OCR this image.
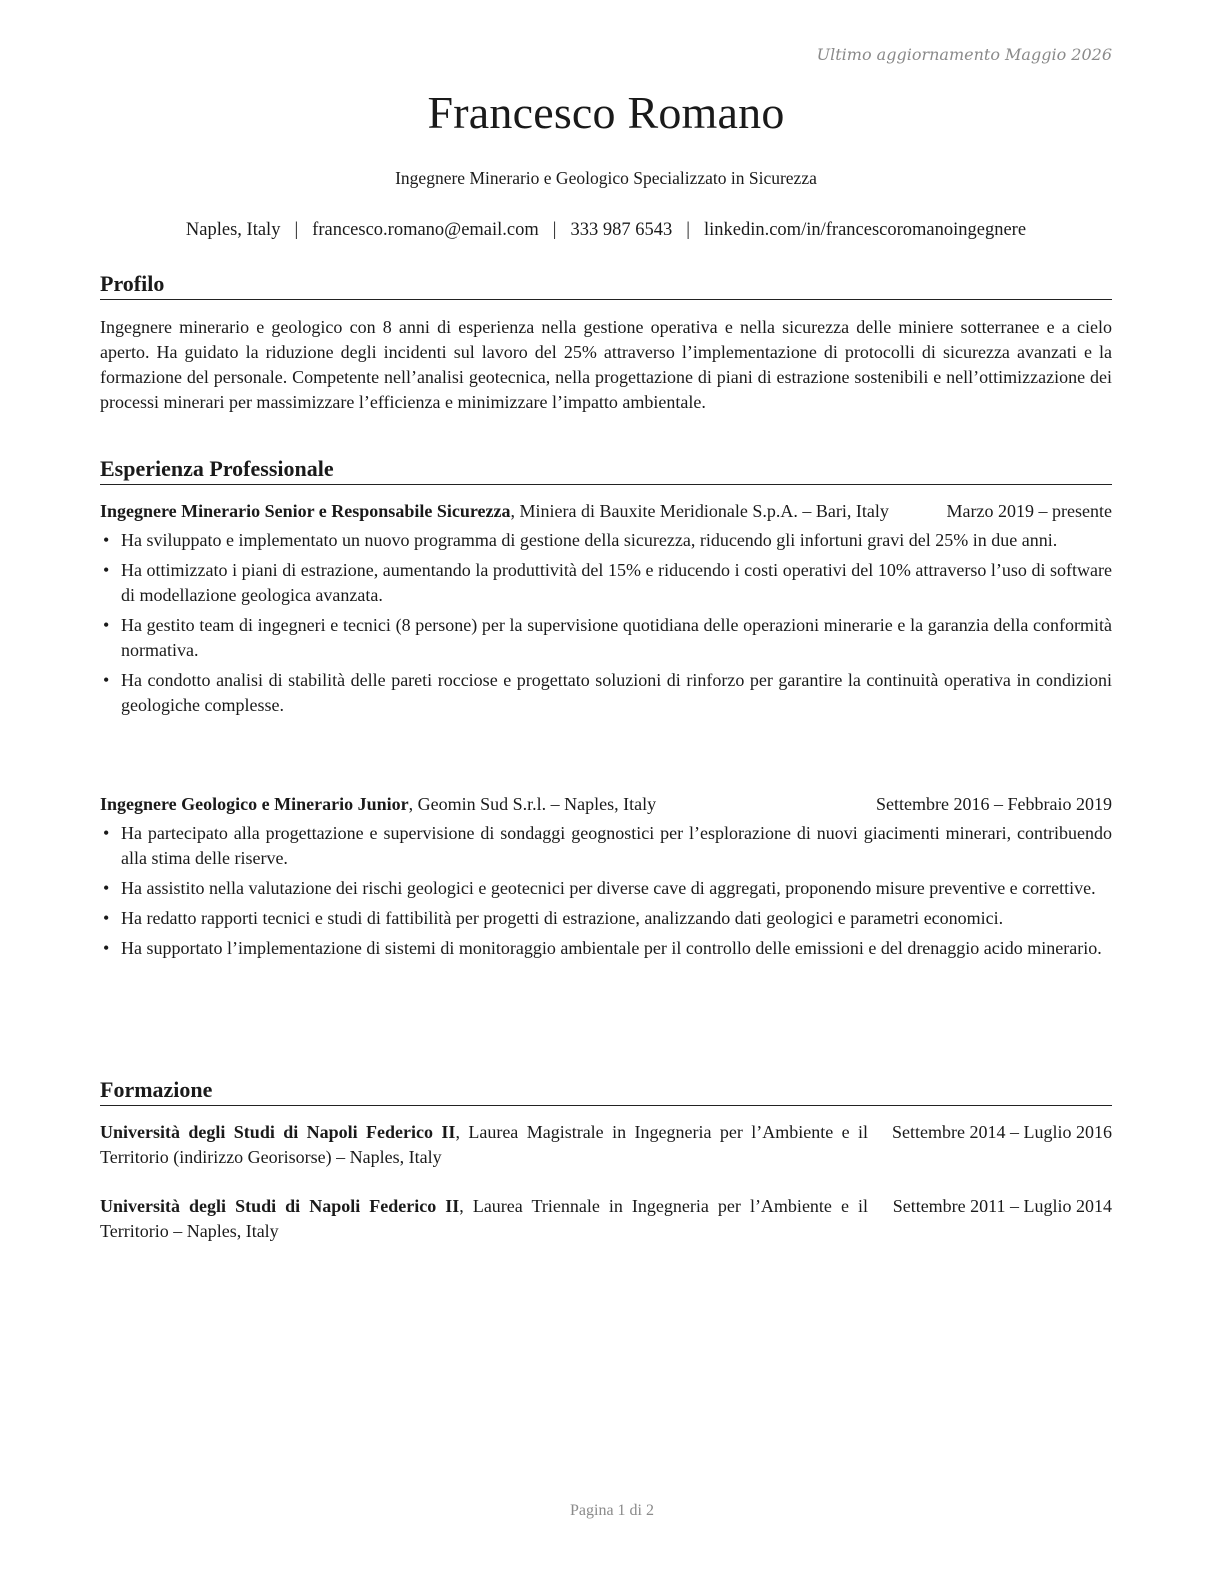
Ultimo aggiornamento Maggio 2026
Francesco Romano
Ingegnere Minerario e Geologico Specializzato in Sicurezza
Naples, Italy | francesco.romano@email.com | 333 987 6543 | linkedin.com/in/francescoromanoingegnere
Profilo
Ingegnere minerario e geologico con 8 anni di esperienza nella gestione operativa e nella sicurezza delle miniere sotterranee e a cielo aperto. Ha guidato la riduzione degli incidenti sul lavoro del 25% attraverso l’implementazione di protocolli di sicurezza avanzati e la formazione del personale. Competente nell’analisi geotecnica, nella progettazione di piani di estrazione sostenibili e nell’ottimizzazione dei processi minerari per massimizzare l’efficienza e minimizzare l’impatto ambientale.
Esperienza Professionale
Ingegnere Minerario Senior e Responsabile Sicurezza, Miniera di Bauxite Meridionale S.p.A. – Bari, Italy	Marzo 2019 – presente
• Ha sviluppato e implementato un nuovo programma di gestione della sicurezza, riducendo gli infortuni gravi del 25% in due anni.
• Ha ottimizzato i piani di estrazione, aumentando la produttività del 15% e riducendo i costi operativi del 10% attraverso l’uso di software di modellazione geologica avanzata.
• Ha gestito team di ingegneri e tecnici (8 persone) per la supervisione quotidiana delle operazioni minerarie e la garanzia della conformità normativa.
• Ha condotto analisi di stabilità delle pareti rocciose e progettato soluzioni di rinforzo per garantire la continuità operativa in condizioni geologiche complesse.
Ingegnere Geologico e Minerario Junior, Geomin Sud S.r.l. – Naples, Italy	Settembre 2016 – Febbraio 2019
• Ha partecipato alla progettazione e supervisione di sondaggi geognostici per l’esplorazione di nuovi giacimenti minerari, contribuendo alla stima delle riserve.
• Ha assistito nella valutazione dei rischi geologici e geotecnici per diverse cave di aggregati, proponendo misure preventive e correttive.
• Ha redatto rapporti tecnici e studi di fattibilità per progetti di estrazione, analizzando dati geologici e parametri economici.
• Ha supportato l’implementazione di sistemi di monitoraggio ambientale per il controllo delle emissioni e del drenaggio acido minerario.
Formazione
Università degli Studi di Napoli Federico II, Laurea Magistrale in Ingegneria per l’Ambiente e il Territorio (indirizzo Georisorse) – Naples, Italy
Settembre 2014 – Luglio 2016
Università degli Studi di Napoli Federico II, Laurea Triennale in Ingegneria per l’Ambiente e il Territorio – Naples, Italy
Settembre 2011 – Luglio 2014
Pagina 1 di 2
